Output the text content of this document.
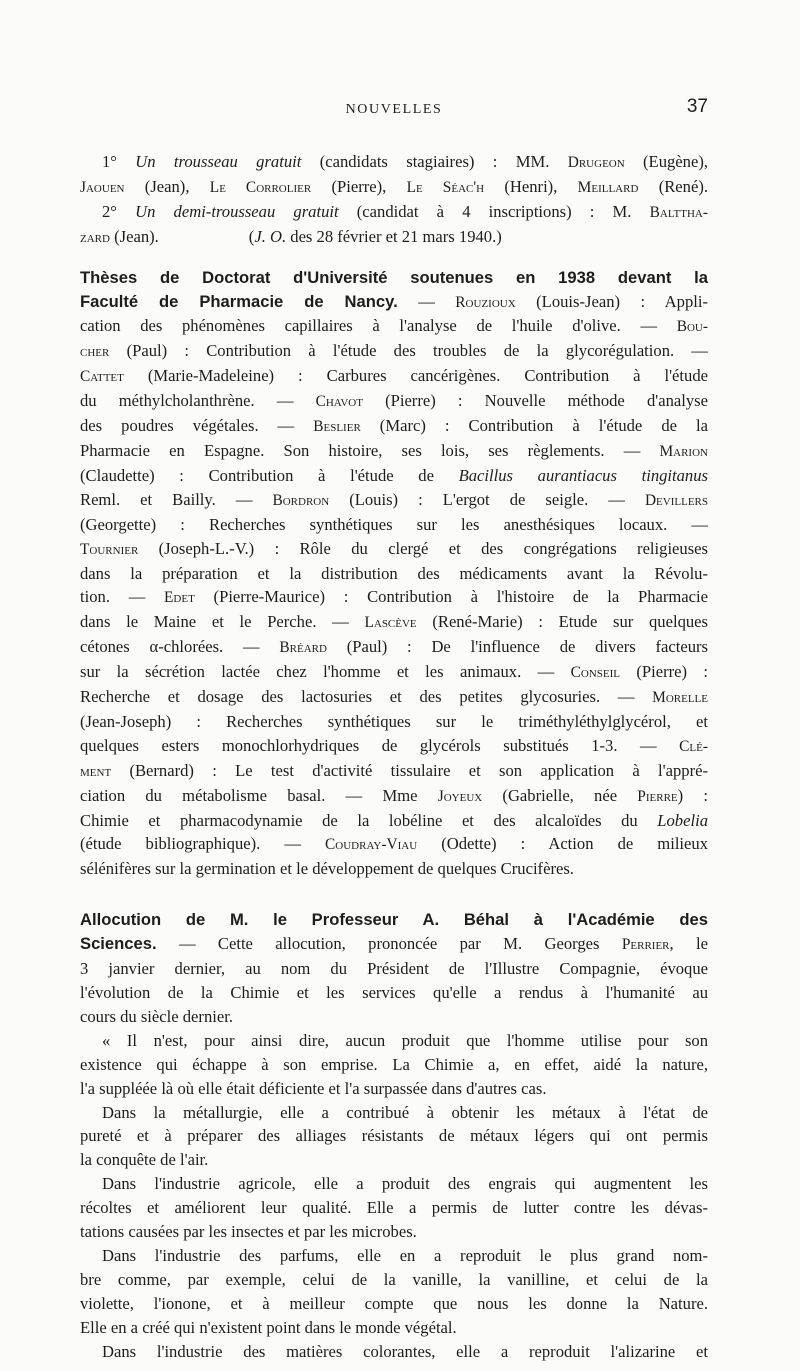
NOUVELLES	37
1° Un trousseau gratuit (candidats stagiaires) : MM. Drugeon (Eugène),
Jaouen (Jean), Le Corrolier (Pierre), Le Séac'h (Henri), Meillard (René).
2° Un demi-trousseau gratuit (candidat à 4 inscriptions) : M. Balttha-
zard (Jean).	(J. O. des 28 février et 21 mars 1940.)
Thèses de Doctorat d'Université soutenues en 1938 devant la
Faculté de Pharmacie de Nancy. — Rouzioux (Louis-Jean) : Appli-
cation des phénomènes capillaires à l'analyse de l'huile d'olive. — Bou-
cher (Paul) : Contribution à l'étude des troubles de la glycorégulation. —
Cattet (Marie-Madeleine) : Carbures cancérigènes. Contribution à l'étude
du méthylcholanthrène. — Chavot (Pierre) : Nouvelle méthode d'analyse
des poudres végétales. — Beslier (Marc) : Contribution à l'étude de la
Pharmacie en Espagne. Son histoire, ses lois, ses règlements. — Marion
(Claudette) : Contribution à l'étude de Bacillus aurantiacus tingitanus
Reml. et Bailly. — Bordron (Louis) : L'ergot de seigle. — Devillers
(Georgette) : Recherches synthétiques sur les anesthésiques locaux. —
Tournier (Joseph-L.-V.) : Rôle du clergé et des congrégations religieuses
dans la préparation et la distribution des médicaments avant la Révolu-
tion. — Edet (Pierre-Maurice) : Contribution à l'histoire de la Pharmacie
dans le Maine et le Perche. — Lascève (René-Marie) : Etude sur quelques
cétones α-chlorées. — Bréard (Paul) : De l'influence de divers facteurs
sur la sécrétion lactée chez l'homme et les animaux. — Conseil (Pierre) :
Recherche et dosage des lactosuries et des petites glycosuries. — Morelle
(Jean-Joseph) : Recherches synthétiques sur le triméthyléthylglycérol, et
quelques esters monochlorhydriques de glycérols substitués 1-3. — Clé-
ment (Bernard) : Le test d'activité tissulaire et son application à l'appré-
ciation du métabolisme basal. — Mme Joyeux (Gabrielle, née Pierre) :
Chimie et pharmacodynamie de la lobéline et des alcaloïdes du Lobelia
(étude bibliographique). — Coudray-Viau (Odette) : Action de milieux
sélénifères sur la germination et le développement de quelques Crucifères.
Allocution de M. le Professeur A. Béhal à l'Académie des
Sciences. — Cette allocution, prononcée par M. Georges Perrier, le
3 janvier dernier, au nom du Président de l'Illustre Compagnie, évoque
l'évolution de la Chimie et les services qu'elle a rendus à l'humanité au
cours du siècle dernier.
« Il n'est, pour ainsi dire, aucun produit que l'homme utilise pour son
existence qui échappe à son emprise. La Chimie a, en effet, aidé la nature,
l'a suppléée là où elle était déficiente et l'a surpassée dans d'autres cas.
Dans la métallurgie, elle a contribué à obtenir les métaux à l'état de
pureté et à préparer des alliages résistants de métaux légers qui ont permis
la conquête de l'air.
Dans l'industrie agricole, elle a produit des engrais qui augmentent les
récoltes et améliorent leur qualité. Elle a permis de lutter contre les dévas-
tations causées par les insectes et par les microbes.
Dans l'industrie des parfums, elle en a reproduit le plus grand nom-
bre comme, par exemple, celui de la vanille, la vanilline, et celui de la
violette, l'ionone, et à meilleur compte que nous les donne la Nature.
Elle en a créé qui n'existent point dans le monde végétal.
Dans l'industrie des matières colorantes, elle a reproduit l'alizarine et
